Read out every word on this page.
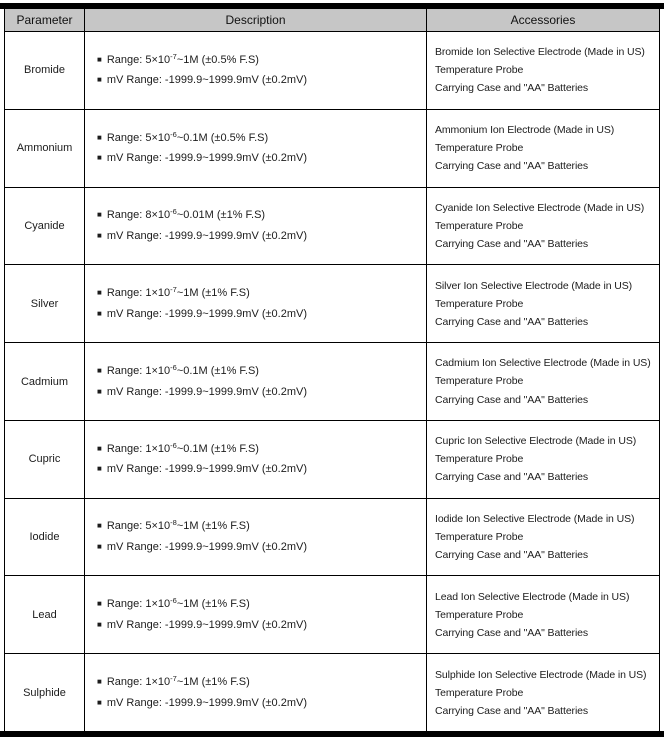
Parameter	Description	Accessories
Bromide
■ Range: $5\times 10^{-7}\sim 1M$ (±0.5% F.S)
■ mV Range: -1999.9~1999.9mV (±0.2mV)
Bromide Ion Selective Electrode (Made in US)
Temperature Probe
Carrying Case and "AA" Batteries
Ammonium
■ Range: $5\times 10^{-6}\sim 0.1M$ (±0.5% F.S)
■ mV Range: -1999.9~1999.9mV (±0.2mV)
Ammonium Ion Electrode (Made in US)
Temperature Probe
Carrying Case and "AA" Batteries
Cyanide
■ Range: $8\times 10^{-6}\sim 0.01M$ (±1% F.S)
■ mV Range: -1999.9~1999.9mV (±0.2mV)
Cyanide Ion Selective Electrode (Made in US)
Temperature Probe
Carrying Case and "AA" Batteries
Silver
■ Range: $1\times 10^{-7}\sim 1M$ (±1% F.S)
■ mV Range: -1999.9~1999.9mV (±0.2mV)
Silver Ion Selective Electrode (Made in US)
Temperature Probe
Carrying Case and "AA" Batteries
Cadmium
■ Range: $1\times 10^{-6}\sim 0.1M$ (±1% F.S)
■ mV Range: -1999.9~1999.9mV (±0.2mV)
Cadmium Ion Selective Electrode (Made in US)
Temperature Probe
Carrying Case and "AA" Batteries
Cupric
■ Range: $1\times 10^{-6}\sim 0.1M$ (±1% F.S)
■ mV Range: -1999.9~1999.9mV (±0.2mV)
Cupric Ion Selective Electrode (Made in US)
Temperature Probe
Carrying Case and "AA" Batteries
Iodide
■ Range: $5\times 10^{-8}\sim 1M$ (±1% F.S)
■ mV Range: -1999.9~1999.9mV (±0.2mV)
Iodide Ion Selective Electrode (Made in US)
Temperature Probe
Carrying Case and "AA" Batteries
Lead
■ Range: $1\times 10^{-6}\sim 1M$ (±1% F.S)
■ mV Range: -1999.9~1999.9mV (±0.2mV)
Lead Ion Selective Electrode (Made in US)
Temperature Probe
Carrying Case and "AA" Batteries
Sulphide
■ Range: $1\times 10^{-7}\sim 1M$ (±1% F.S)
■ mV Range: -1999.9~1999.9mV (±0.2mV)
Sulphide Ion Selective Electrode (Made in US)
Temperature Probe
Carrying Case and "AA" Batteries
